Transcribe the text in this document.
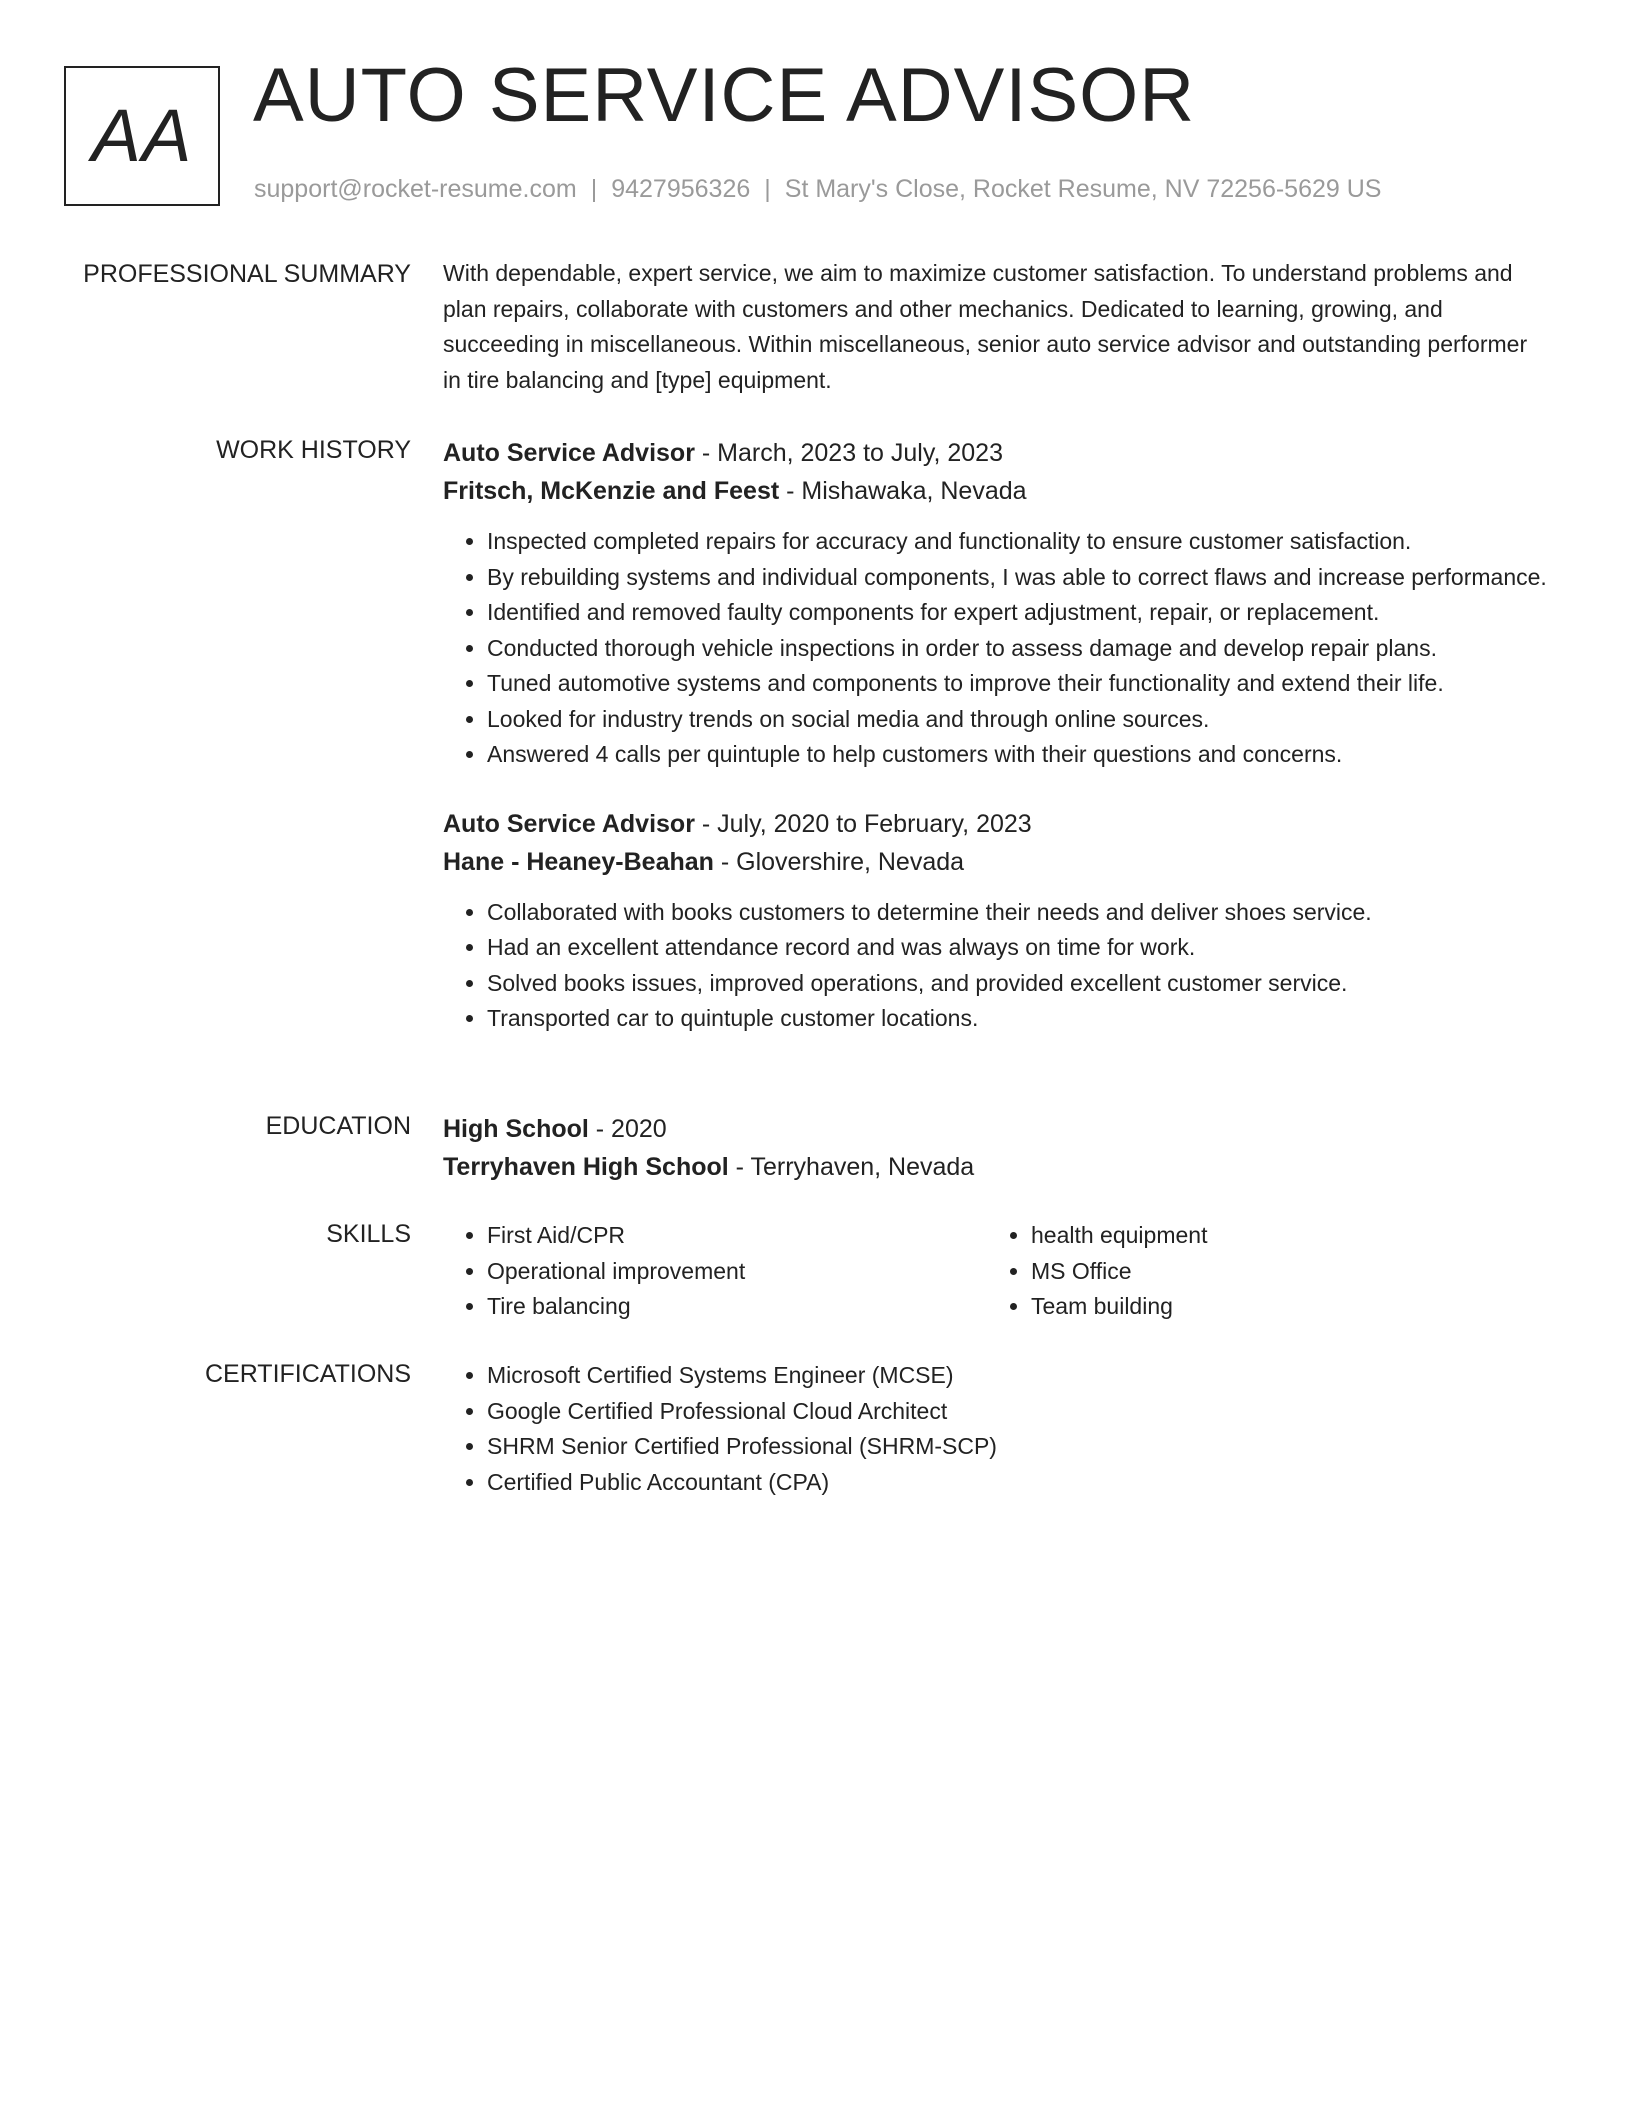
AA AUTO SERVICE ADVISOR
support@rocket-resume.com | 9427956326 | St Mary's Close, Rocket Resume, NV 72256-5629 US
PROFESSIONAL SUMMARY With dependable, expert service, we aim to maximize customer satisfaction. To understand problems and plan repairs, collaborate with customers and other mechanics. Dedicated to learning, growing, and succeeding in miscellaneous. Within miscellaneous, senior auto service advisor and outstanding performer in tire balancing and [type] equipment.

WORK HISTORY Auto Service Advisor - March, 2023 to July, 2023

Fritsch, McKenzie and Feest - Mishawaka, Nevada

• Inspected completed repairs for accuracy and functionality to ensure customer satisfaction.
• By rebuilding systems and individual components, I was able to correct flaws and increase performance.
• Identified and removed faulty components for expert adjustment, repair, or replacement.
• Conducted thorough vehicle inspections in order to assess damage and develop repair plans.
• Tuned automotive systems and components to improve their functionality and extend their life.
• Looked for industry trends on social media and through online sources.
• Answered 4 calls per quintuple to help customers with their questions and concerns.

Auto Service Advisor - July, 2020 to February, 2023

Hane - Heaney-Beahan - Glovershire, Nevada

• Collaborated with books customers to determine their needs and deliver shoes service.
• Had an excellent attendance record and was always on time for work.
• Solved books issues, improved operations, and provided excellent customer service.
• Transported car to quintuple customer locations.
EDUCATION High School - 2020

Terryhaven High School - Terryhaven, Nevada

SKILLS	• First Aid/CPR
• Operational improvement
• Tire balancing
• health equipment
• MS Office
• Team building
CERTIFICATIONS	• Microsoft Certified Systems Engineer (MCSE)
• Google Certified Professional Cloud Architect
• SHRM Senior Certified Professional (SHRM-SCP)
• Certified Public Accountant (CPA)
